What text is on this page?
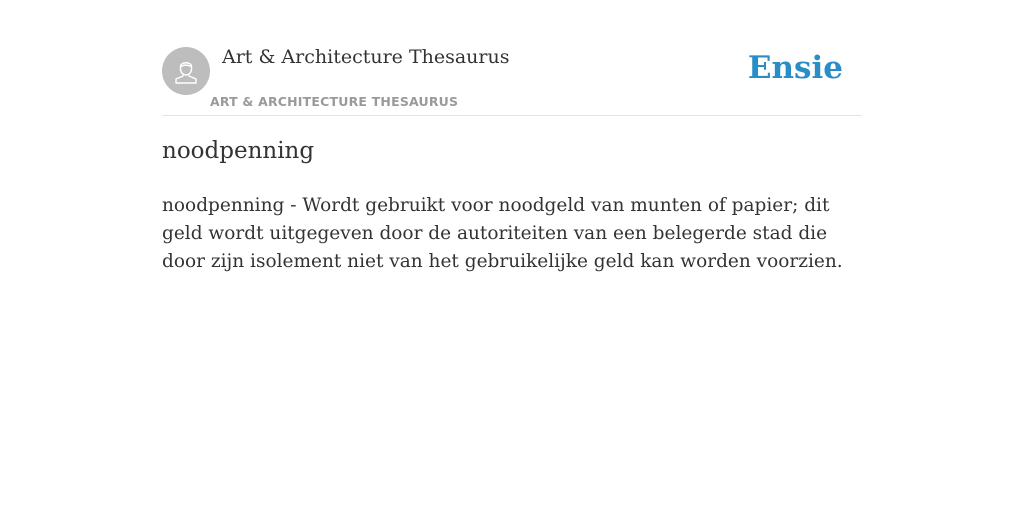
Art & Architecture Thesaurus
ART & ARCHITECTURE THESAURUS
Ensie
noodpenning

noodpenning - Wordt gebruikt voor noodgeld van munten of papier; dit geld wordt uitgegeven door de autoriteiten van een belegerde stad die door zijn isolement niet van het gebruikelijke geld kan worden voorzien.
